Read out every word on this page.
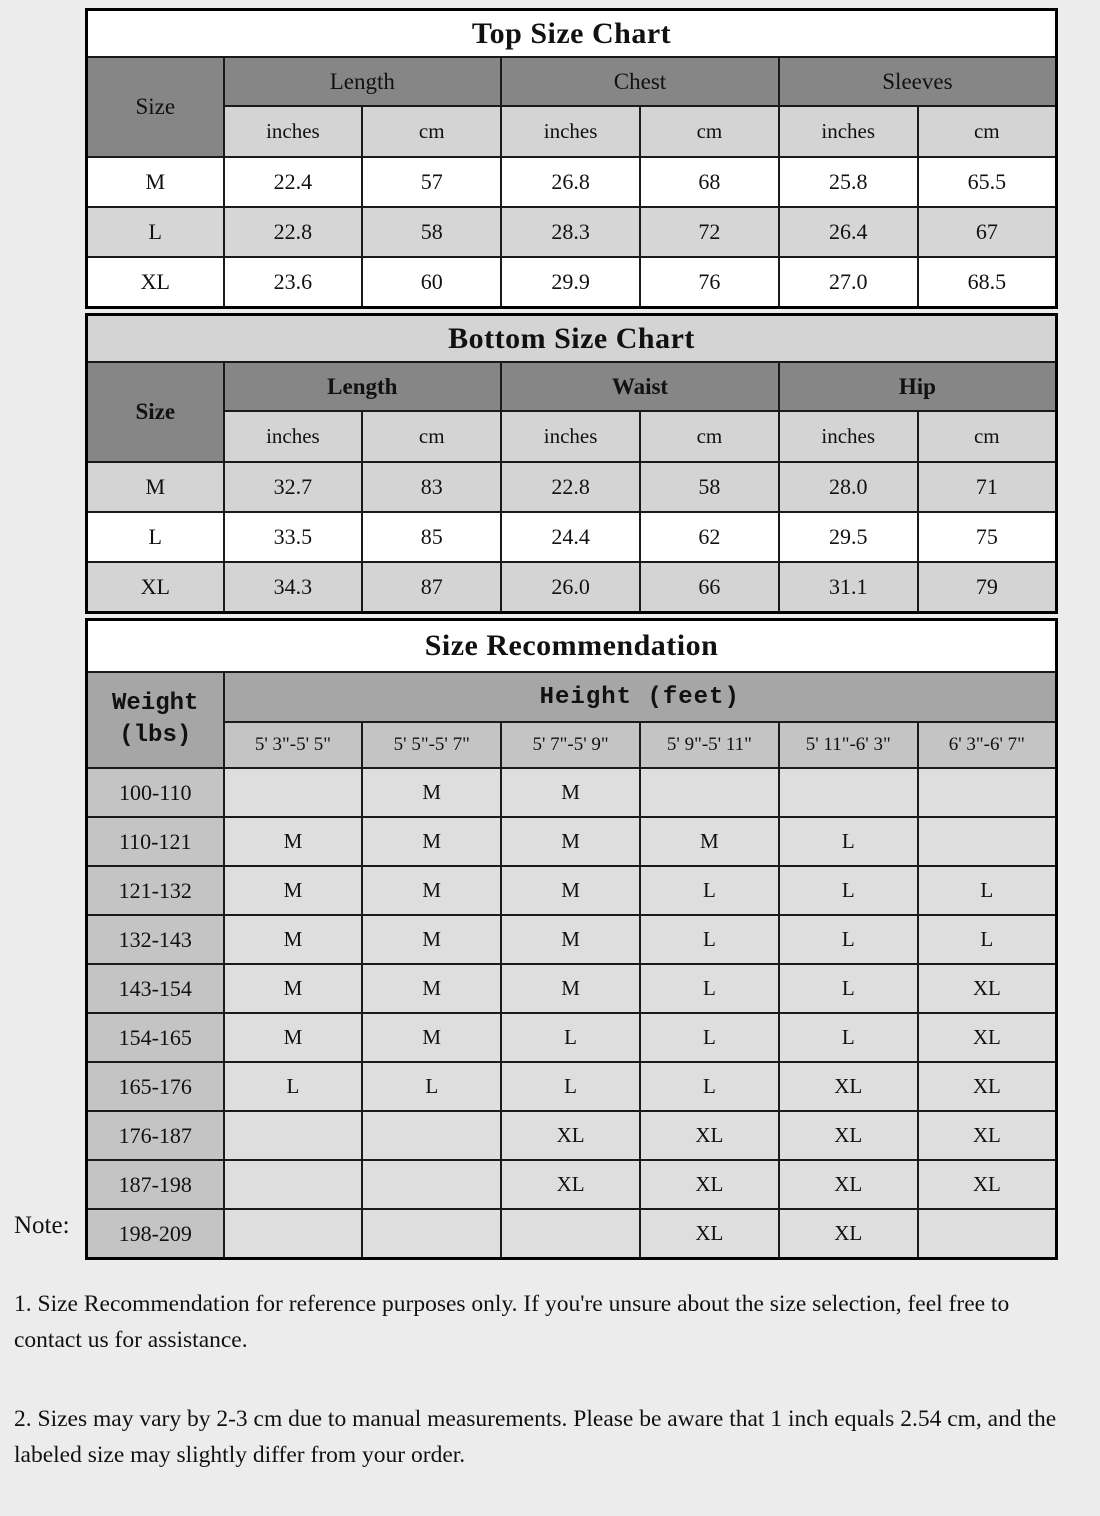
Top Size Chart						
Size	Length		Chest		Sleeves	
	inches	cm	inches	cm	inches	cm
M	22.4	57	26.8	68	25.8	65.5
L	22.8	58	28.3	72	26.4	67
XL	23.6	60	29.9	76	27.0	68.5
Bottom Size Chart						
Size	Length		Waist		Hip	
	inches	cm	inches	cm	inches	cm
M	32.7	83	22.8	58	28.0	71
L	33.5	85	24.4	62	29.5	75
XL	34.3	87	26.0	66	31.1	79
Size Recommendation						

Weight
(lbs)	Height (feet)					
	5' 3"-5' 5"	5' 5"-5' 7"	5' 7"-5' 9"	5' 9"-5' 11"	5' 11"-6' 3"	6' 3"-6' 7"
100-110		M	M			
110-121	M	M	M	M	L	
121-132	M	M	M	L	L	L
132-143	M	M	M	L	L	L
143-154	M	M	M	L	L	XL
154-165	M	M	L	L	L	XL
165-176	L	L	L	L	XL	XL
176-187			XL	XL	XL	XL
187-198			XL	XL	XL	XL
198-209				XL	XL	
Note:

1. Size Recommendation for reference purposes only. If you're unsure about the size selection, feel free to contact us for assistance.

2. Sizes may vary by 2-3 cm due to manual measurements. Please be aware that 1 inch equals 2.54 cm, and the labeled size may slightly differ from your order.
